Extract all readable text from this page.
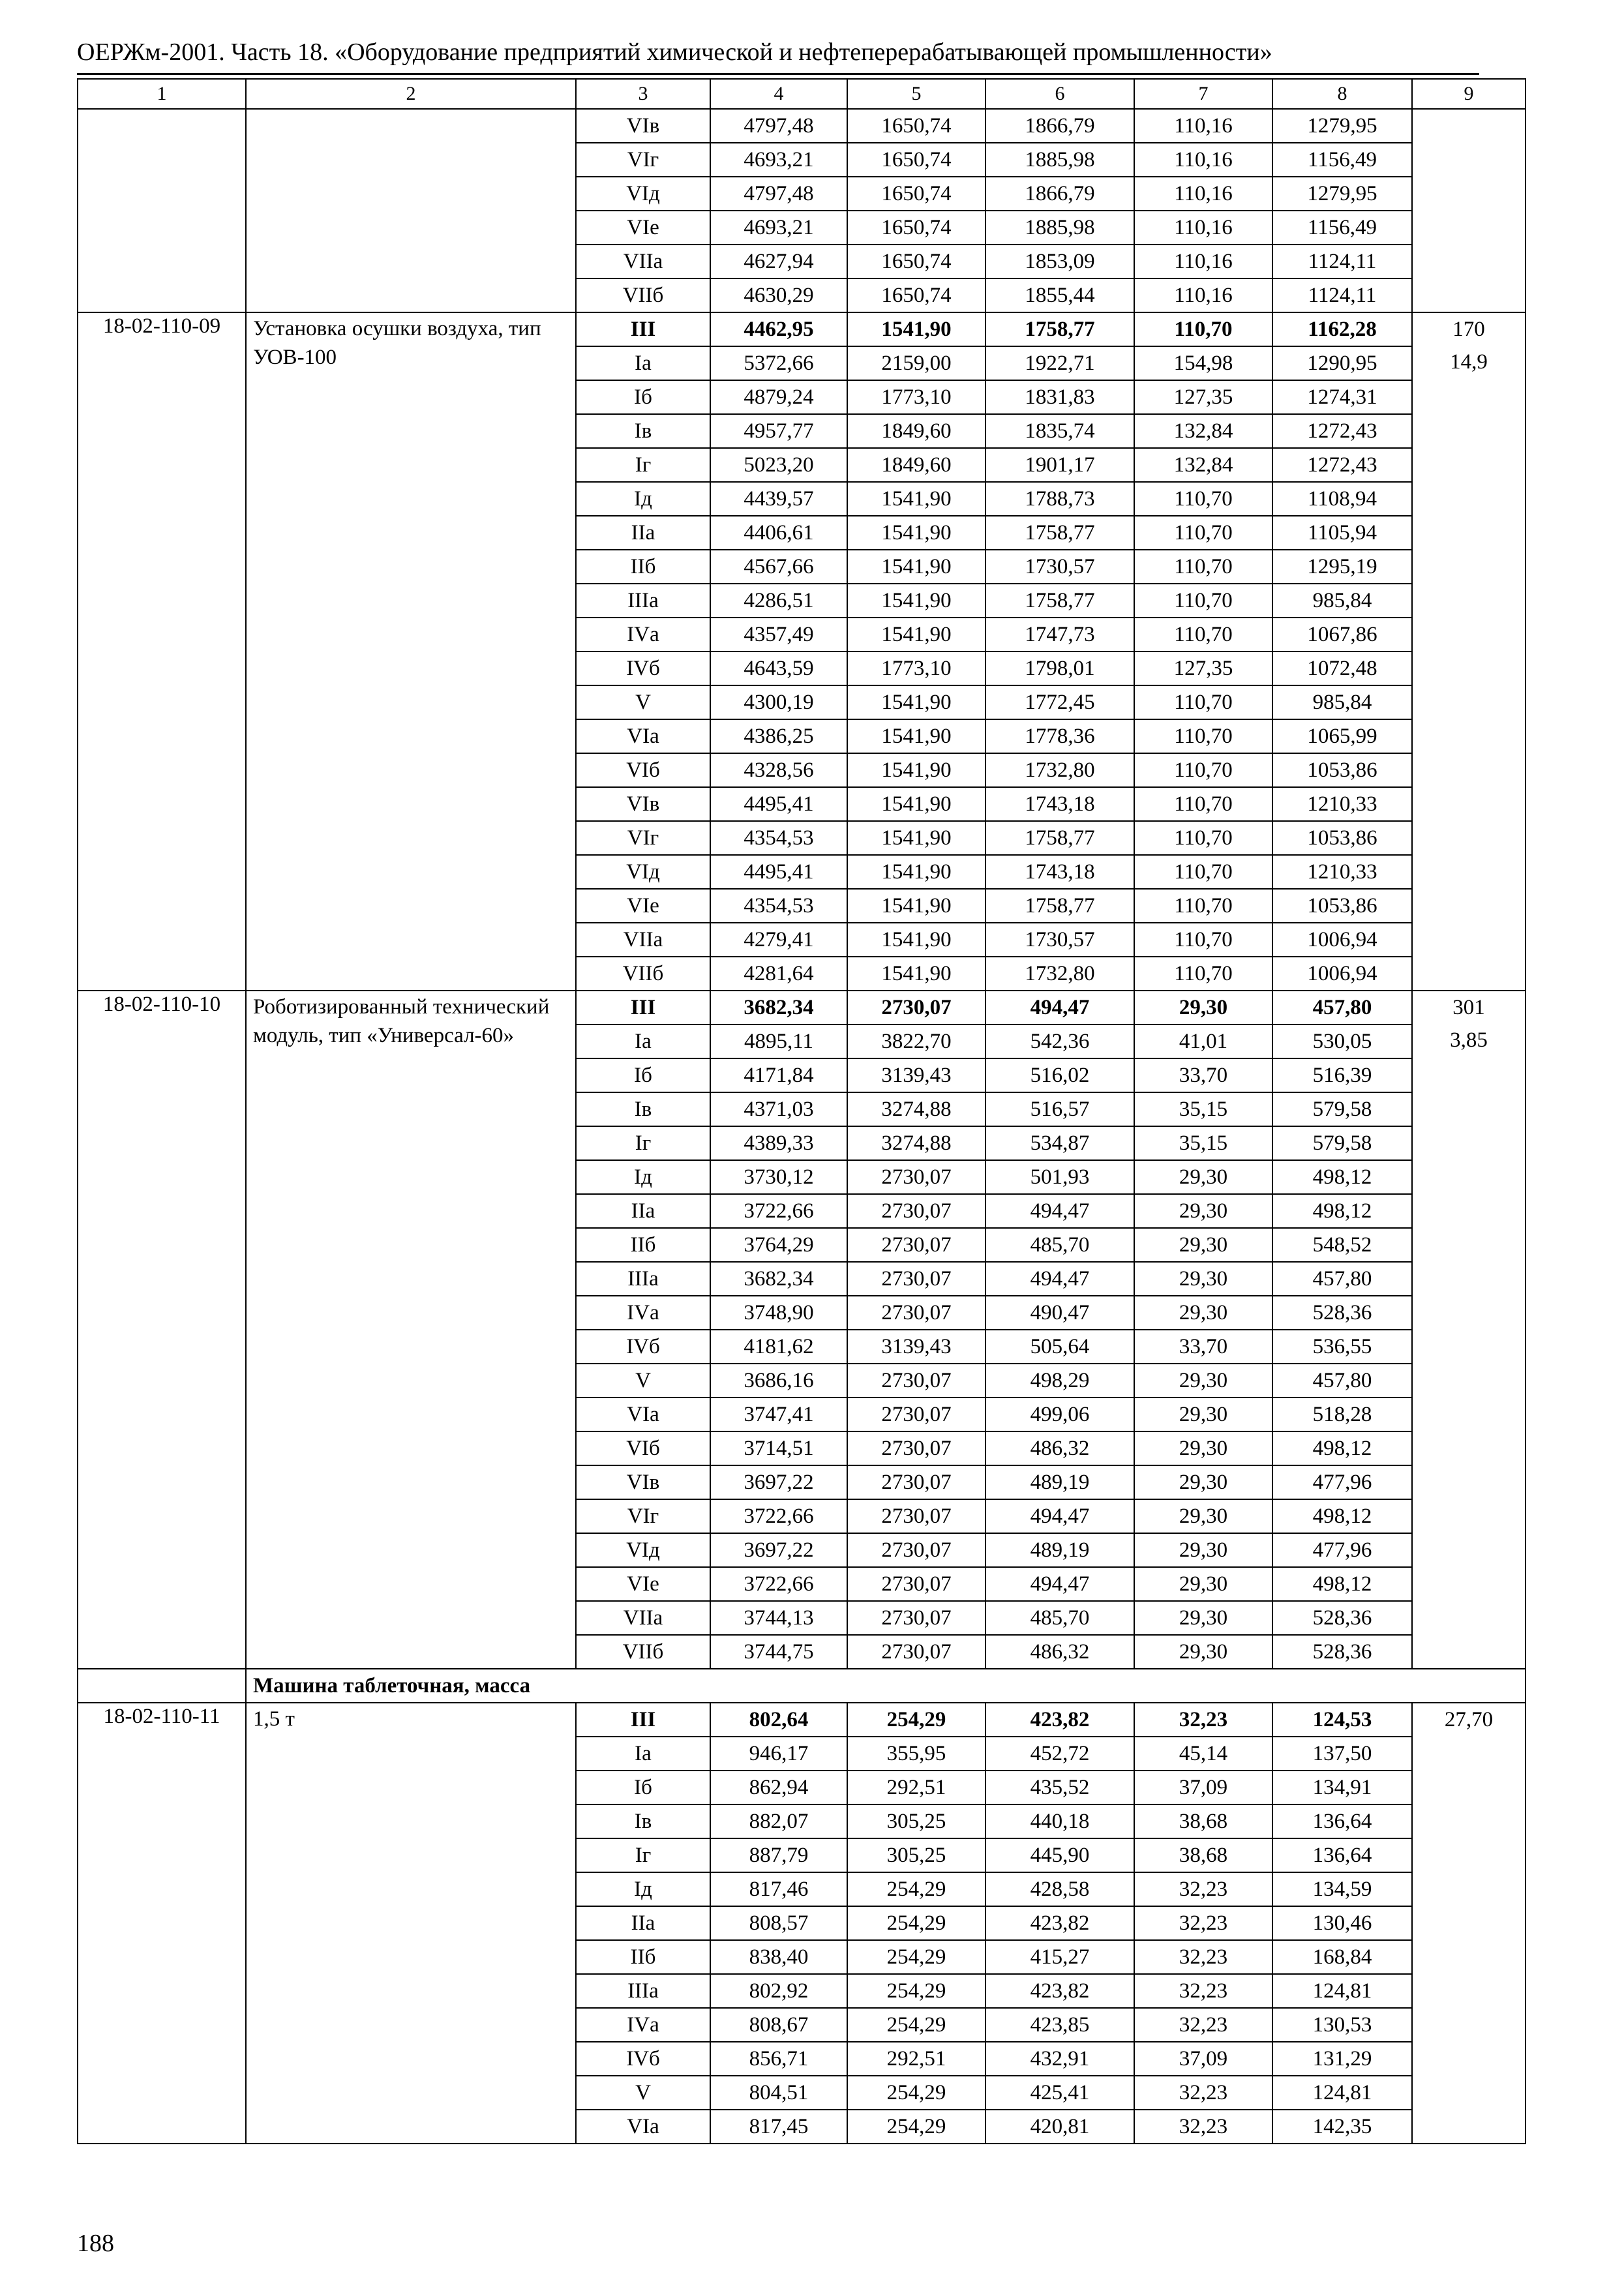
ОЕРЖм-2001. Часть 18. «Оборудование предприятий химической и нефтеперерабатывающей промышленности»
1	2	3	4	5	6	7	8	9
		VIв	4797,48	1650,74	1866,79	110,16	1279,95	
		VIг	4693,21	1650,74	1885,98	110,16	1156,49	
		VIд	4797,48	1650,74	1866,79	110,16	1279,95	
		VIе	4693,21	1650,74	1885,98	110,16	1156,49	
		VIIа	4627,94	1650,74	1853,09	110,16	1124,11	
		VIIб	4630,29	1650,74	1855,44	110,16	1124,11	
18-02-110-09	Установка осушки воздуха, тип УОВ-100	III	4462,95	1541,90	1758,77	110,70	1162,28	170
14,9

		Iа	5372,66	2159,00	1922,71	154,98	1290,95	
		Iб	4879,24	1773,10	1831,83	127,35	1274,31	
		Iв	4957,77	1849,60	1835,74	132,84	1272,43	
		Iг	5023,20	1849,60	1901,17	132,84	1272,43	
		Iд	4439,57	1541,90	1788,73	110,70	1108,94	
		IIа	4406,61	1541,90	1758,77	110,70	1105,94	
		IIб	4567,66	1541,90	1730,57	110,70	1295,19	
		IIIа	4286,51	1541,90	1758,77	110,70	985,84	
		IVа	4357,49	1541,90	1747,73	110,70	1067,86	
		IVб	4643,59	1773,10	1798,01	127,35	1072,48	
		V	4300,19	1541,90	1772,45	110,70	985,84	
		VIа	4386,25	1541,90	1778,36	110,70	1065,99	
		VIб	4328,56	1541,90	1732,80	110,70	1053,86	
		VIв	4495,41	1541,90	1743,18	110,70	1210,33	
		VIг	4354,53	1541,90	1758,77	110,70	1053,86	
		VIд	4495,41	1541,90	1743,18	110,70	1210,33	
		VIе	4354,53	1541,90	1758,77	110,70	1053,86	
		VIIа	4279,41	1541,90	1730,57	110,70	1006,94	
		VIIб	4281,64	1541,90	1732,80	110,70	1006,94	
18-02-110-10	Роботизированный технический модуль, тип «Универсал-60»	III	3682,34	2730,07	494,47	29,30	457,80	301
3,85

		Iа	4895,11	3822,70	542,36	41,01	530,05	
		Iб	4171,84	3139,43	516,02	33,70	516,39	
		Iв	4371,03	3274,88	516,57	35,15	579,58	
		Iг	4389,33	3274,88	534,87	35,15	579,58	
		Iд	3730,12	2730,07	501,93	29,30	498,12	
		IIа	3722,66	2730,07	494,47	29,30	498,12	
		IIб	3764,29	2730,07	485,70	29,30	548,52	
		IIIа	3682,34	2730,07	494,47	29,30	457,80	
		IVа	3748,90	2730,07	490,47	29,30	528,36	
		IVб	4181,62	3139,43	505,64	33,70	536,55	
		V	3686,16	2730,07	498,29	29,30	457,80	
		VIа	3747,41	2730,07	499,06	29,30	518,28	
		VIб	3714,51	2730,07	486,32	29,30	498,12	
		VIв	3697,22	2730,07	489,19	29,30	477,96	
		VIг	3722,66	2730,07	494,47	29,30	498,12	
		VIд	3697,22	2730,07	489,19	29,30	477,96	
		VIе	3722,66	2730,07	494,47	29,30	498,12	
		VIIа	3744,13	2730,07	485,70	29,30	528,36	
		VIIб	3744,75	2730,07	486,32	29,30	528,36	
	Машина таблеточная, масса							
18-02-110-11	1,5 т	III	802,64	254,29	423,82	32,23	124,53	27,70

		Iа	946,17	355,95	452,72	45,14	137,50	
		Iб	862,94	292,51	435,52	37,09	134,91	
		Iв	882,07	305,25	440,18	38,68	136,64	
		Iг	887,79	305,25	445,90	38,68	136,64	
		Iд	817,46	254,29	428,58	32,23	134,59	
		IIа	808,57	254,29	423,82	32,23	130,46	
		IIб	838,40	254,29	415,27	32,23	168,84	
		IIIа	802,92	254,29	423,82	32,23	124,81	
		IVа	808,67	254,29	423,85	32,23	130,53	
		IVб	856,71	292,51	432,91	37,09	131,29	
		V	804,51	254,29	425,41	32,23	124,81	
		VIа	817,45	254,29	420,81	32,23	142,35	
188
